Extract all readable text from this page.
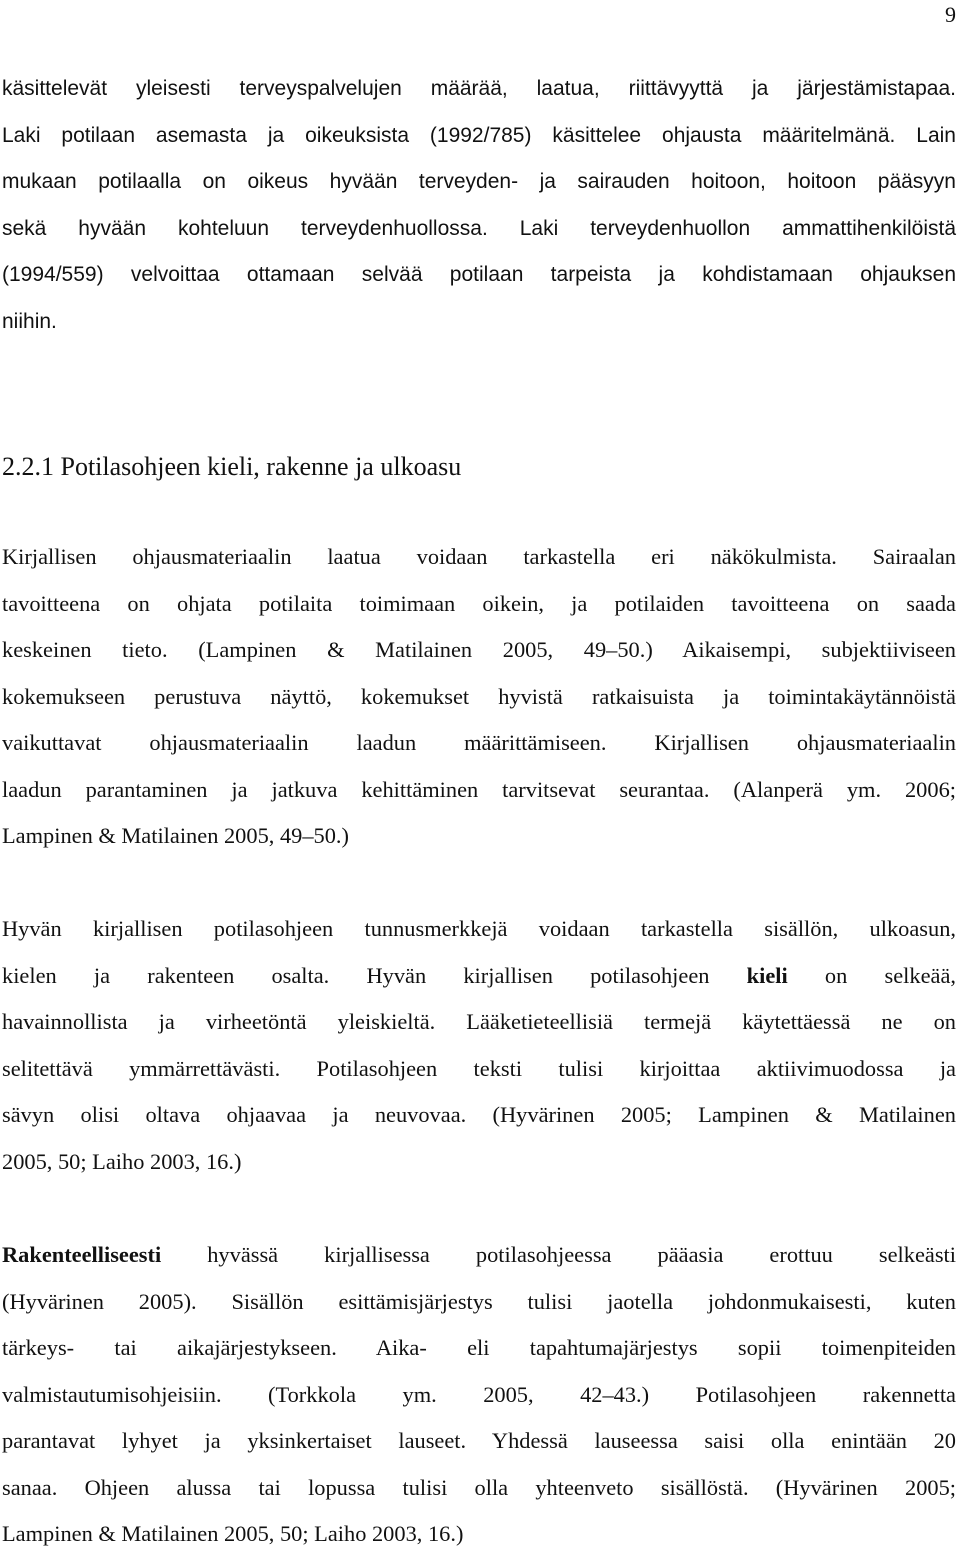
9
käsittelevät yleisesti terveyspalvelujen määrää, laatua, riittävyyttä ja järjestämistapaa.
Laki potilaan asemasta ja oikeuksista (1992/785) käsittelee ohjausta määritelmänä. Lain
mukaan potilaalla on oikeus hyvään terveyden- ja sairauden hoitoon, hoitoon pääsyyn
sekä hyvään kohteluun terveydenhuollossa. Laki terveydenhuollon ammattihenkilöistä
(1994/559) velvoittaa ottamaan selvää potilaan tarpeista ja kohdistamaan ohjauksen
niihin.
2.2.1 Potilasohjeen kieli, rakenne ja ulkoasu
Kirjallisen ohjausmateriaalin laatua voidaan tarkastella eri näkökulmista. Sairaalan
tavoitteena on ohjata potilaita toimimaan oikein, ja potilaiden tavoitteena on saada
keskeinen tieto. (Lampinen & Matilainen 2005, 49–50.) Aikaisempi, subjektiiviseen
kokemukseen perustuva näyttö, kokemukset hyvistä ratkaisuista ja toimintakäytännöistä
vaikuttavat ohjausmateriaalin laadun määrittämiseen. Kirjallisen ohjausmateriaalin
laadun parantaminen ja jatkuva kehittäminen tarvitsevat seurantaa. (Alanperä ym. 2006;
Lampinen & Matilainen 2005, 49–50.)
Hyvän kirjallisen potilasohjeen tunnusmerkkejä voidaan tarkastella sisällön, ulkoasun,
kielen ja rakenteen osalta. Hyvän kirjallisen potilasohjeen kieli on selkeää,
havainnollista ja virheetöntä yleiskieltä. Lääketieteellisiä termejä käytettäessä ne on
selitettävä ymmärrettävästi. Potilasohjeen teksti tulisi kirjoittaa aktiivimuodossa ja
sävyn olisi oltava ohjaavaa ja neuvovaa. (Hyvärinen 2005; Lampinen & Matilainen
2005, 50; Laiho 2003, 16.)
Rakenteelliseesti hyvässä kirjallisessa potilasohjeessa pääasia erottuu selkeästi
(Hyvärinen 2005). Sisällön esittämisjärjestys tulisi jaotella johdonmukaisesti, kuten
tärkeys- tai aikajärjestykseen. Aika- eli tapahtumajärjestys sopii toimenpiteiden
valmistautumisohjeisiin. (Torkkola ym. 2005, 42–43.) Potilasohjeen rakennetta
parantavat lyhyet ja yksinkertaiset lauseet. Yhdessä lauseessa saisi olla enintään 20
sanaa. Ohjeen alussa tai lopussa tulisi olla yhteenveto sisällöstä. (Hyvärinen 2005;
Lampinen & Matilainen 2005, 50; Laiho 2003, 16.)
